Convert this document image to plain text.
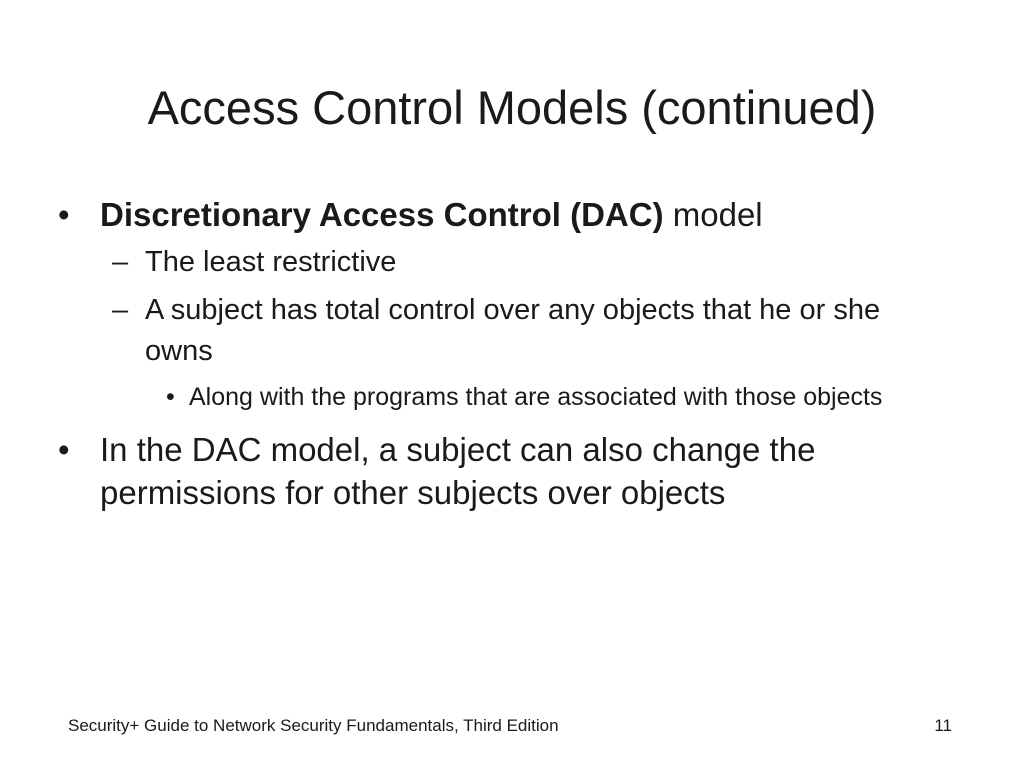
Access Control Models (continued)
• Discretionary Access Control (DAC) model
– The least restrictive
– A subject has total control over any objects that he or she owns
• Along with the programs that are associated with those objects
• In the DAC model, a subject can also change the permissions for other subjects over objects
Security+ Guide to Network Security Fundamentals, Third Edition	11
